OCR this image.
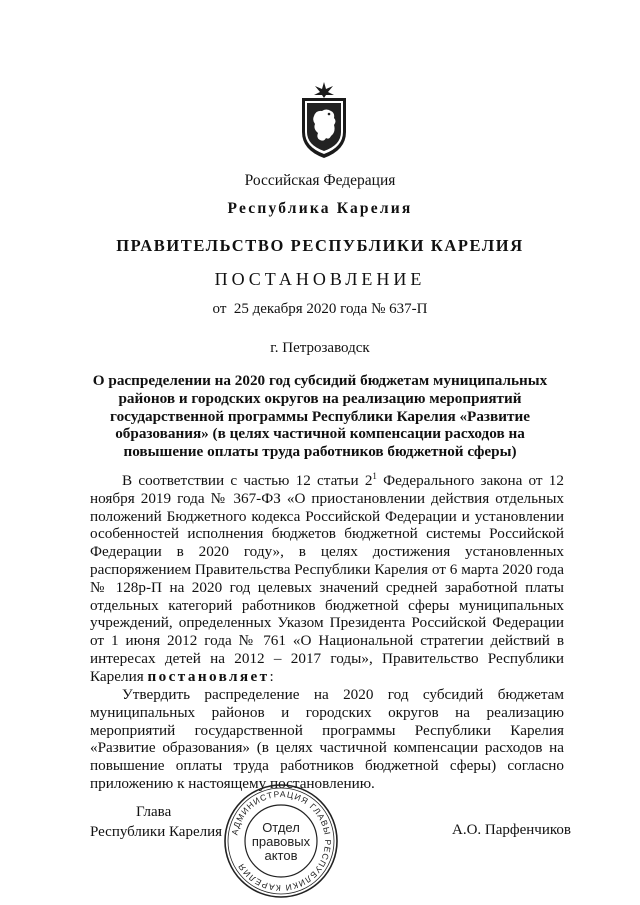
Российская Федерация
Республика Карелия
ПРАВИТЕЛЬСТВО РЕСПУБЛИКИ КАРЕЛИЯ
ПОСТАНОВЛЕНИЕ
от  25 декабря 2020 года № 637-П
г. Петрозаводск
О распределении на 2020 год субсидий бюджетам муниципальных районов и городских округов на реализацию мероприятий государственной программы Республики Карелия «Развитие образования» (в целях частичной компенсации расходов на повышение оплаты труда работников бюджетной сферы)
В соответствии с частью 12 статьи $2^1$ Федерального закона от 12 ноября 2019 года № 367-ФЗ «О приостановлении действия отдельных положений Бюджетного кодекса Российской Федерации и установлении особенностей исполнения бюджетов бюджетной системы Российской Федерации в 2020 году», в целях достижения установленных распоряжением Правительства Республики Карелия от 6 марта 2020 года № 128р-П на 2020 год целевых значений средней заработной платы отдельных категорий работников бюджетной сферы муниципальных учреждений, определенных Указом Президента Российской Федерации от 1 июня 2012 года № 761 «О Национальной стратегии действий в интересах детей на 2012 – 2017 годы», Правительство Республики Карелия постановляет:
Утвердить распределение на 2020 год субсидий бюджетам муниципальных районов и городских округов на реализацию мероприятий государственной программы Республики Карелия «Развитие образования» (в целях частичной компенсации расходов на повышение оплаты труда работников бюджетной сферы) согласно приложению к настоящему постановлению.
Глава
Республики Карелия	А.О. Парфенчиков
АДМИНИСТРАЦИЯ ГЛАВЫ РЕСПУБЛИКИ КАРЕЛИЯ
Отдел
правовых
актов
